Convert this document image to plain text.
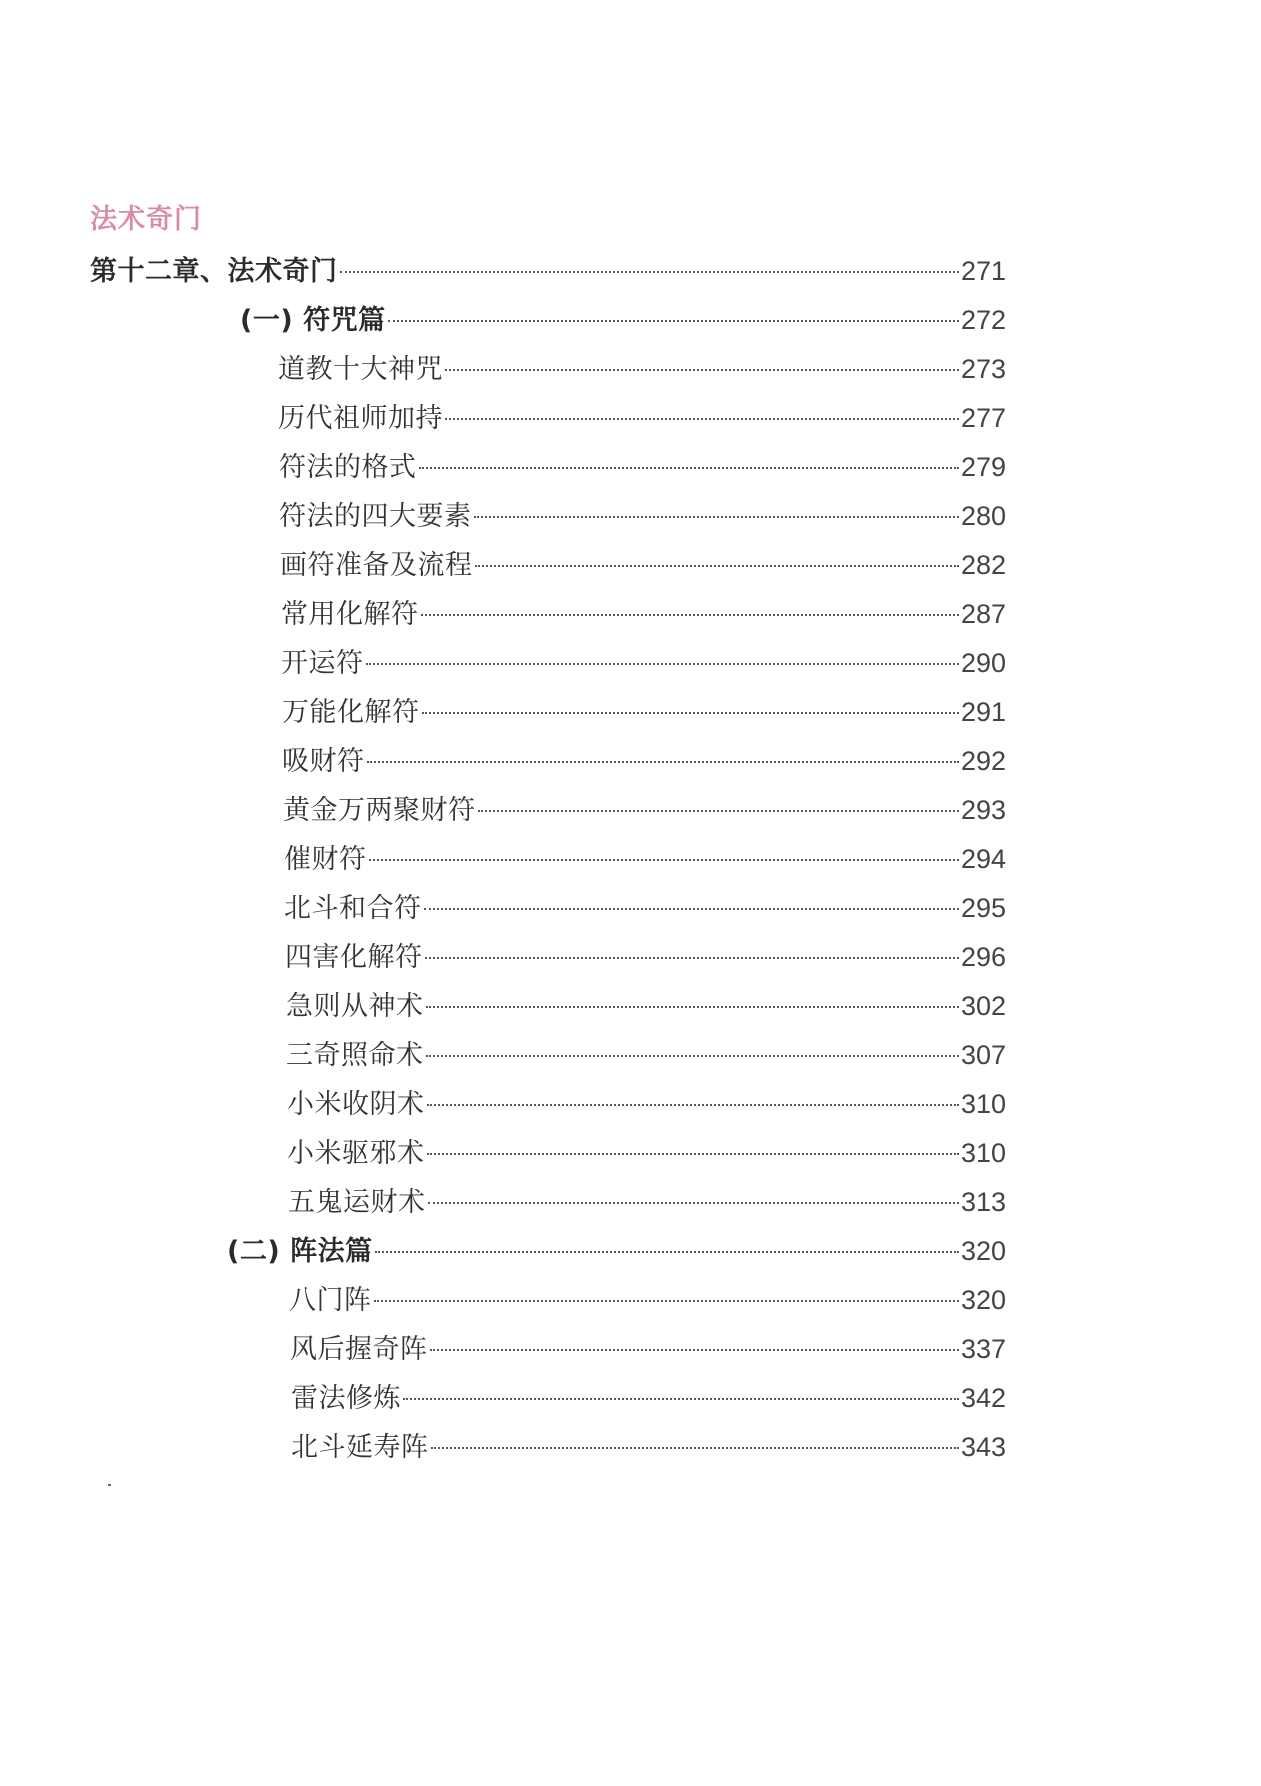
法术奇门
第十二章、法术奇门	271
(一) 符咒篇	272
道教十大神咒	273
历代祖师加持	277
符法的格式	279
符法的四大要素	280
画符准备及流程	282
常用化解符	287
开运符	290
万能化解符	291
吸财符	292
黄金万两聚财符	293
催财符	294
北斗和合符	295
四害化解符	296
急则从神术	302
三奇照命术	307
小米收阴术	310
小米驱邪术	310
五鬼运财术	313
(二) 阵法篇	320
八门阵	320
风后握奇阵	337
雷法修炼	342
北斗延寿阵	343
